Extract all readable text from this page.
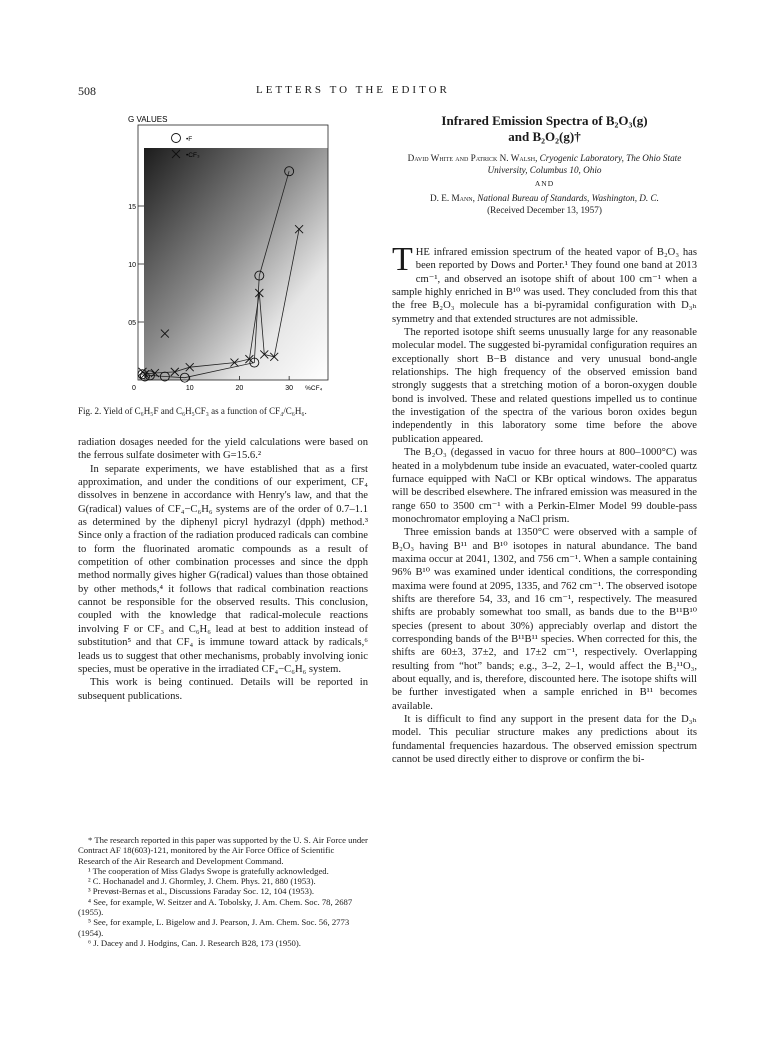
508	LETTERS TO THE EDITOR
0	10	20	30 %CF₄
05
10
15
•F
•CF₃
G VALUES
Fig. 2. Yield of C₆H₅F and C₆H₅CF₃ as a function of CF₄/C₆H₆.

radiation dosages needed for the yield calculations were based on the ferrous sulfate dosimeter with G=15.6.²

In separate experiments, we have established that as a first approximation, and under the conditions of our experiment, CF₄ dissolves in benzene in accordance with Henry's law, and that the G(radical) values of CF₄−C₆H₆ systems are of the order of 0.7–1.1 as determined by the diphenyl picryl hydrazyl (dpph) method.³ Since only a fraction of the radiation produced radicals can combine to form the fluorinated aromatic compounds as a result of competition of other combination processes and since the dpph method normally gives higher G(radical) values than those obtained by other methods,⁴ it follows that radical combination reactions cannot be responsible for the observed results. This conclusion, coupled with the knowledge that radical-molecule reactions involving F or CF₃ and C₆H₆ lead at best to addition instead of substitution⁵ and that CF₄ is immune toward attack by radicals,⁶ leads us to suggest that other mechanisms, probably involving ionic species, must be operative in the irradiated CF₄−C₆H₆ system.

This work is being continued. Details will be reported in subsequent publications.

* The research reported in this paper was supported by the U. S. Air Force under Contract AF 18(603)-121, monitored by the Air Force Office of Scientific Research of the Air Research and Development Command.
¹ The cooperation of Miss Gladys Swope is gratefully acknowledged.
² C. Hochanadel and J. Ghormley, J. Chem. Phys. 21, 880 (1953).
³ Prevøst-Bernas et al., Discussions Faraday Soc. 12, 104 (1953).
⁴ See, for example, W. Seitzer and A. Tobolsky, J. Am. Chem. Soc. 78, 2687 (1955).
⁵ See, for example, L. Bigelow and J. Pearson, J. Am. Chem. Soc. 56, 2773 (1954).
⁶ J. Dacey and J. Hodgins, Can. J. Research B28, 173 (1950).
Infrared Emission Spectra of B₂O₃(g)
and B₂O₂(g)†
David White and Patrick N. Walsh, Cryogenic Laboratory, The Ohio State University, Columbus 10, Ohio
AND
D. E. Mann, National Bureau of Standards, Washington, D. C.
(Received December 13, 1957)

THE infrared emission spectrum of the heated vapor of B₂O₃ has been reported by Dows and Porter.¹ They found one band at 2013 cm⁻¹, and observed an isotope shift of about 100 cm⁻¹ when a sample highly enriched in B¹⁰ was used. They concluded from this that the free B₂O₃ molecule has a bi-pyramidal configuration with D₃ₕ symmetry and that extended structures are not admissible.

The reported isotope shift seems unusually large for any reasonable molecular model. The suggested bi-pyramidal configuration requires an exceptionally short B−B distance and very unusual bond-angle relationships. The high frequency of the observed emission band strongly suggests that a stretching motion of a boron-oxygen double bond is involved. These and related questions impelled us to continue the investigation of the spectra of the various boron oxides begun independently in this laboratory some time before the above publication appeared.

The B₂O₃ (degassed in vacuo for three hours at 800–1000°C) was heated in a molybdenum tube inside an evacuated, water-cooled quartz furnace equipped with NaCl or KBr optical windows. The apparatus will be described elsewhere. The infrared emission was measured in the range 650 to 3500 cm⁻¹ with a Perkin-Elmer Model 99 double-pass monochromator employing a NaCl prism.

Three emission bands at 1350°C were observed with a sample of B₂O₃ having B¹¹ and B¹⁰ isotopes in natural abundance. The band maxima occur at 2041, 1302, and 756 cm⁻¹. When a sample containing 96% B¹⁰ was examined under identical conditions, the corresponding maxima were found at 2095, 1335, and 762 cm⁻¹. The observed isotope shifts are therefore 54, 33, and 16 cm⁻¹, respectively. The measured shifts are probably somewhat too small, as bands due to the B¹¹B¹⁰ species (present to about 30%) appreciably overlap and distort the corresponding bands of the B¹¹B¹¹ species. When corrected for this, the shifts are 60±3, 37±2, and 17±2 cm⁻¹, respectively. Overlapping resulting from “hot” bands; e.g., 3–2, 2–1, would affect the B₂¹¹O₃, about equally, and is, therefore, discounted here. The isotope shifts will be further investigated when a sample enriched in B¹¹ becomes available.

It is difficult to find any support in the present data for the D₃ₕ model. This peculiar structure makes any predictions about its fundamental frequencies hazardous. The observed emission spectrum cannot be used directly either to disprove or confirm the bi-
